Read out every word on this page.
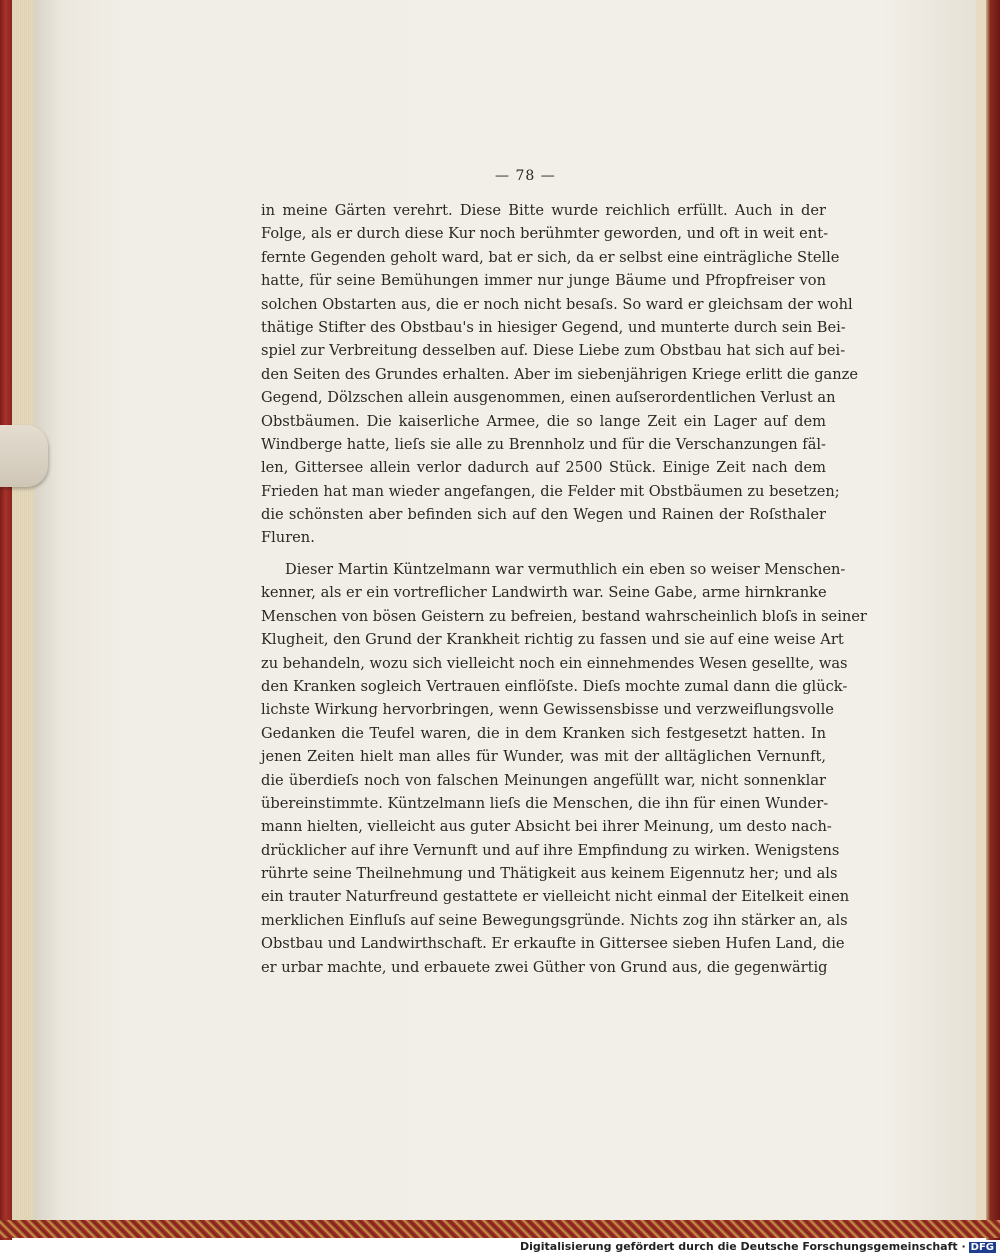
— 78 —
in meine Gärten verehrt. Diese Bitte wurde reichlich erfüllt. Auch in der
Folge, als er durch diese Kur noch berühmter geworden, und oft in weit ent-
fernte Gegenden geholt ward, bat er sich, da er selbst eine einträgliche Stelle
hatte, für seine Bemühungen immer nur junge Bäume und Pfropfreiser von
solchen Obstarten aus, die er noch nicht besaſs. So ward er gleichsam der wohl
thätige Stifter des Obstbau's in hiesiger Gegend, und munterte durch sein Bei-
spiel zur Verbreitung desselben auf. Diese Liebe zum Obstbau hat sich auf bei-
den Seiten des Grundes erhalten. Aber im siebenjährigen Kriege erlitt die ganze
Gegend, Dölzschen allein ausgenommen, einen auſserordentlichen Verlust an
Obstbäumen. Die kaiserliche Armee, die so lange Zeit ein Lager auf dem
Windberge hatte, lieſs sie alle zu Brennholz und für die Verschanzungen fäl-
len, Gittersee allein verlor dadurch auf 2500 Stück. Einige Zeit nach dem
Frieden hat man wieder angefangen, die Felder mit Obstbäumen zu besetzen;
die schönsten aber befinden sich auf den Wegen und Rainen der Roſsthaler
Fluren.
Dieser Martin Küntzelmann war vermuthlich ein eben so weiser Menschen-
kenner, als er ein vortreflicher Landwirth war. Seine Gabe, arme hirnkranke
Menschen von bösen Geistern zu befreien, bestand wahrscheinlich bloſs in seiner
Klugheit, den Grund der Krankheit richtig zu fassen und sie auf eine weise Art
zu behandeln, wozu sich vielleicht noch ein einnehmendes Wesen gesellte, was
den Kranken sogleich Vertrauen einflöſste. Dieſs mochte zumal dann die glück-
lichste Wirkung hervorbringen, wenn Gewissensbisse und verzweiflungsvolle
Gedanken die Teufel waren, die in dem Kranken sich festgesetzt hatten. In
jenen Zeiten hielt man alles für Wunder, was mit der alltäglichen Vernunft,
die überdieſs noch von falschen Meinungen angefüllt war, nicht sonnenklar
übereinstimmte. Küntzelmann lieſs die Menschen, die ihn für einen Wunder-
mann hielten, vielleicht aus guter Absicht bei ihrer Meinung, um desto nach-
drücklicher auf ihre Vernunft und auf ihre Empfindung zu wirken. Wenigstens
rührte seine Theilnehmung und Thätigkeit aus keinem Eigennutz her; und als
ein trauter Naturfreund gestattete er vielleicht nicht einmal der Eitelkeit einen
merklichen Einfluſs auf seine Bewegungsgründe. Nichts zog ihn stärker an, als
Obstbau und Landwirthschaft. Er erkaufte in Gittersee sieben Hufen Land, die
er urbar machte, und erbauete zwei Güther von Grund aus, die gegenwärtig
Digitalisierung gefördert durch die Deutsche Forschungsgemeinschaft · DFG
